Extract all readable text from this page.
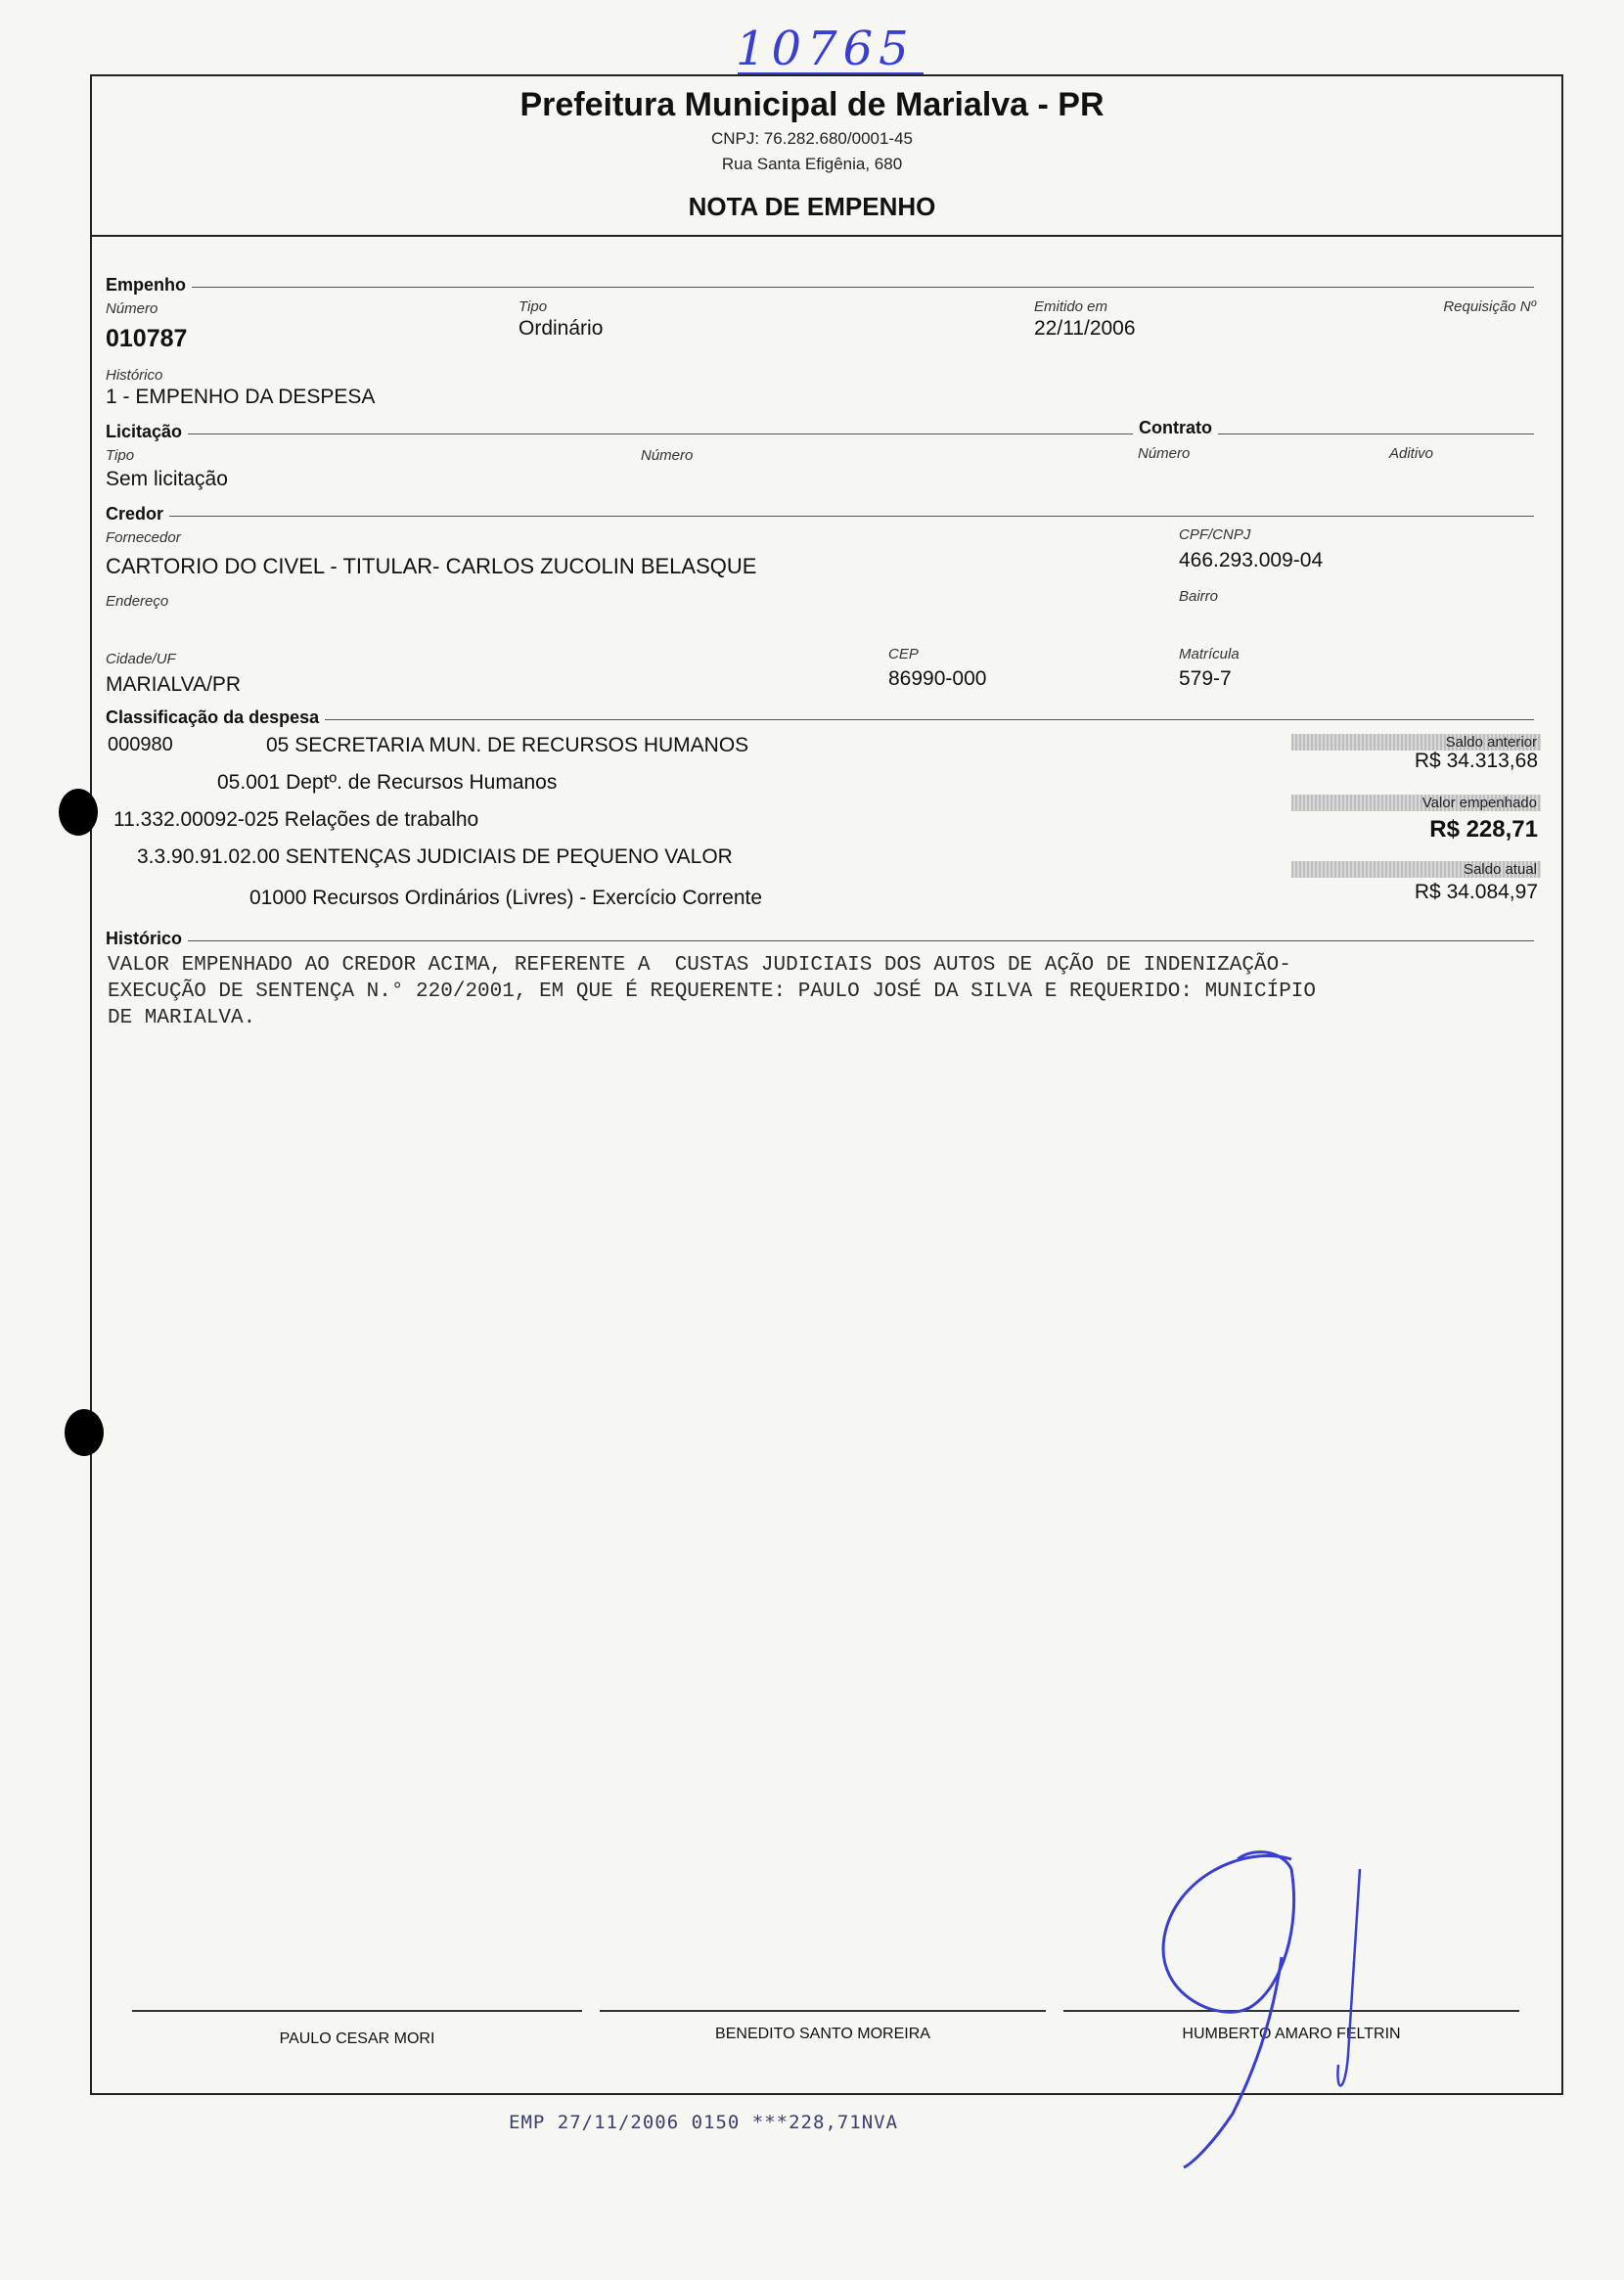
10765
Prefeitura Municipal de Marialva - PR
CNPJ: 76.282.680/0001-45
Rua Santa Efigênia, 680
NOTA DE EMPENHO
Empenho
Número
010787
Tipo
Ordinário
Emitido em
22/11/2006
Requisição Nº
Histórico
1 - EMPENHO DA DESPESA
Licitação	Contrato
Tipo
Sem licitação
Número	Número	Aditivo
Credor
Fornecedor
CARTORIO DO CIVEL - TITULAR- CARLOS ZUCOLIN BELASQUE
CPF/CNPJ
466.293.009-04
Endereço	Bairro
Cidade/UF
MARIALVA/PR
CEP
86990-000
Matrícula
579-7
Classificação da despesa
000980	05 SECRETARIA MUN. DE RECURSOS HUMANOS
05.001 Deptº. de Recursos Humanos
11.332.00092-025 Relações de trabalho
3.3.90.91.02.00 SENTENÇAS JUDICIAIS DE PEQUENO VALOR
01000 Recursos Ordinários (Livres) - Exercício Corrente
Saldo anterior
R$ 34.313,68
Valor empenhado
R$ 228,71
Saldo atual
R$ 34.084,97
Histórico
VALOR EMPENHADO AO CREDOR ACIMA, REFERENTE A  CUSTAS JUDICIAIS DOS AUTOS DE AÇÃO DE INDENIZAÇÃO-
EXECUÇÃO DE SENTENÇA N.° 220/2001, EM QUE É REQUERENTE: PAULO JOSÉ DA SILVA E REQUERIDO: MUNICÍPIO
DE MARIALVA.
PAULO CESAR MORI	BENEDITO SANTO MOREIRA	HUMBERTO AMARO FELTRIN
EMP 27/11/2006 0150 ***228,71NVA
